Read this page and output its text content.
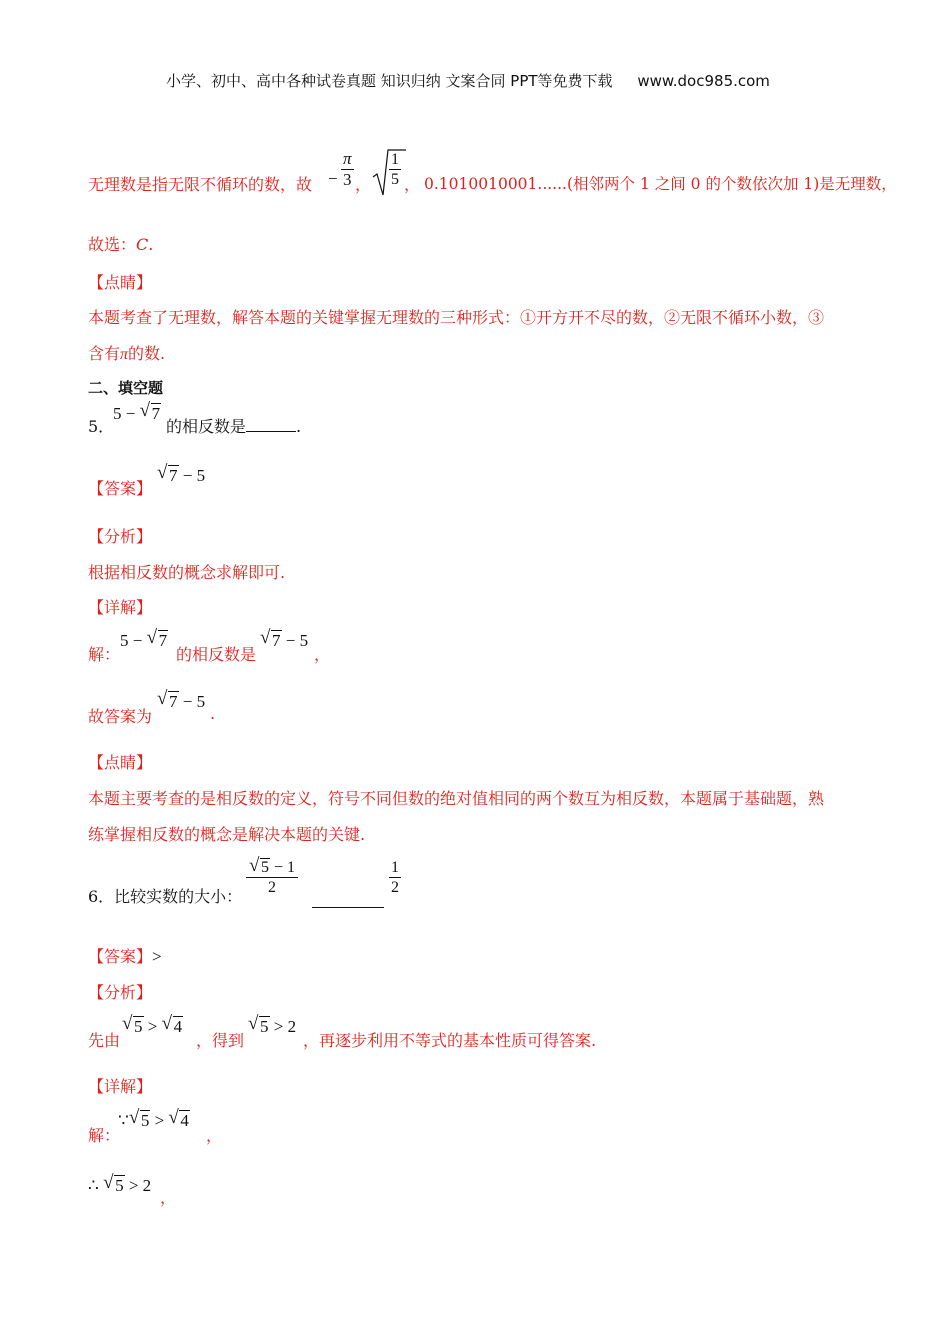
小学、初中、高中各种试卷真题 知识归纳 文案合同 PPT等免费下载 www.doc985.com
无理数是指无限不循环的数，故 − $\frac{\pi}{3}$ ， $\frac{1}{5}$ ， 0.1010010001......(相邻两个 1 之间 0 的个数依次加 1)是无理数，
故选：C.
【点睛】
本题考查了无理数，解答本题的关键掌握无理数的三种形式：①开方开不尽的数，②无限不循环小数，③
含有π的数.
二、填空题
5．
5 − √ 7
的相反数是	.
【答案】
√ 7 − 5
【分析】
根据相反数的概念求解即可.
【详解】
解：
5 − √ 7
的相反数是
√ 7 − 5
，
故答案为
√ 7 − 5
.
【点睛】
本题主要考查的是相反数的定义，符号不同但数的绝对值相同的两个数互为相反数，本题属于基础题，熟
练掌握相反数的概念是解决本题的关键.
6．比较实数的大小： √ $\frac{5 - 1}{2}$	$\frac{1}{2}$
【答案】>
【分析】
先由
√ 5 > √ 4
，得到
√ 5 > 2
，再逐步利用不等式的基本性质可得答案.
【详解】
解：
∵ √ 5 > √ 4
，
∴ √ 5 > 2
，
